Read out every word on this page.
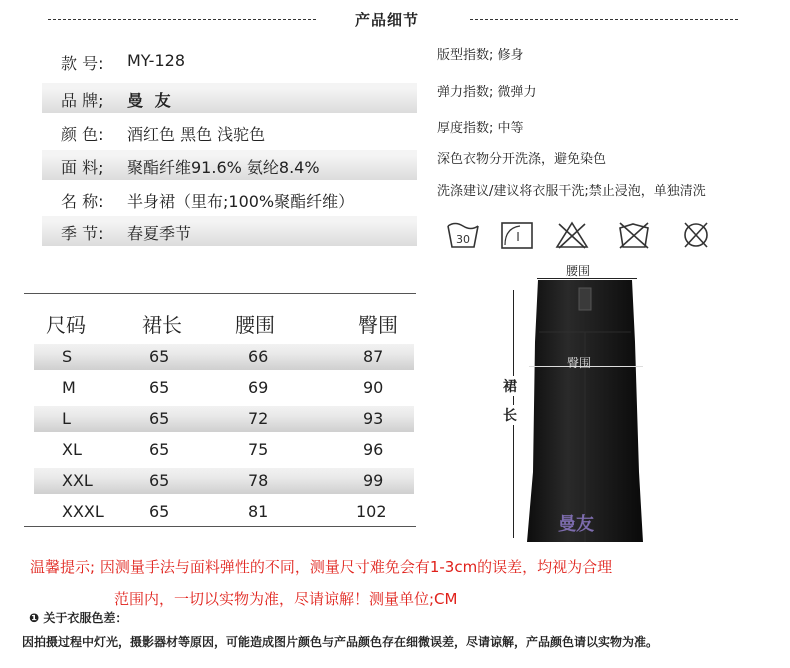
产品细节
款 号: MY-128
品 牌; 曼 友
颜 色: 酒红色 黑色 浅驼色
面 料; 聚酯纤维91.6% 氨纶8.4%
名 称: 半身裙（里布;100%聚酯纤维）
季 节: 春夏季节
版型指数; 修身
弹力指数; 微弹力
厚度指数; 中等
深色衣物分开洗涤，避免染色
洗涤建议/建议将衣服干洗;禁止浸泡，单独清洗
30	I
尺码	裙长	腰围	臀围
S	65	66	87
M	65	69	90
L	65	72	93
XL	65	75	96
XXL	65	78	99
XXXL	65	81	102
腰围
臀围
曼友
裙
长
温馨提示; 因测量手法与面料弹性的不同，测量尺寸难免会有1-3cm的误差，均视为合理
范围内，一切以实物为准，尽请谅解！测量单位;CM
❶ 关于衣服色差：
因拍摄过程中灯光，摄影器材等原因，可能造成图片颜色与产品颜色存在细微误差，尽请谅解，产品颜色请以实物为准。
